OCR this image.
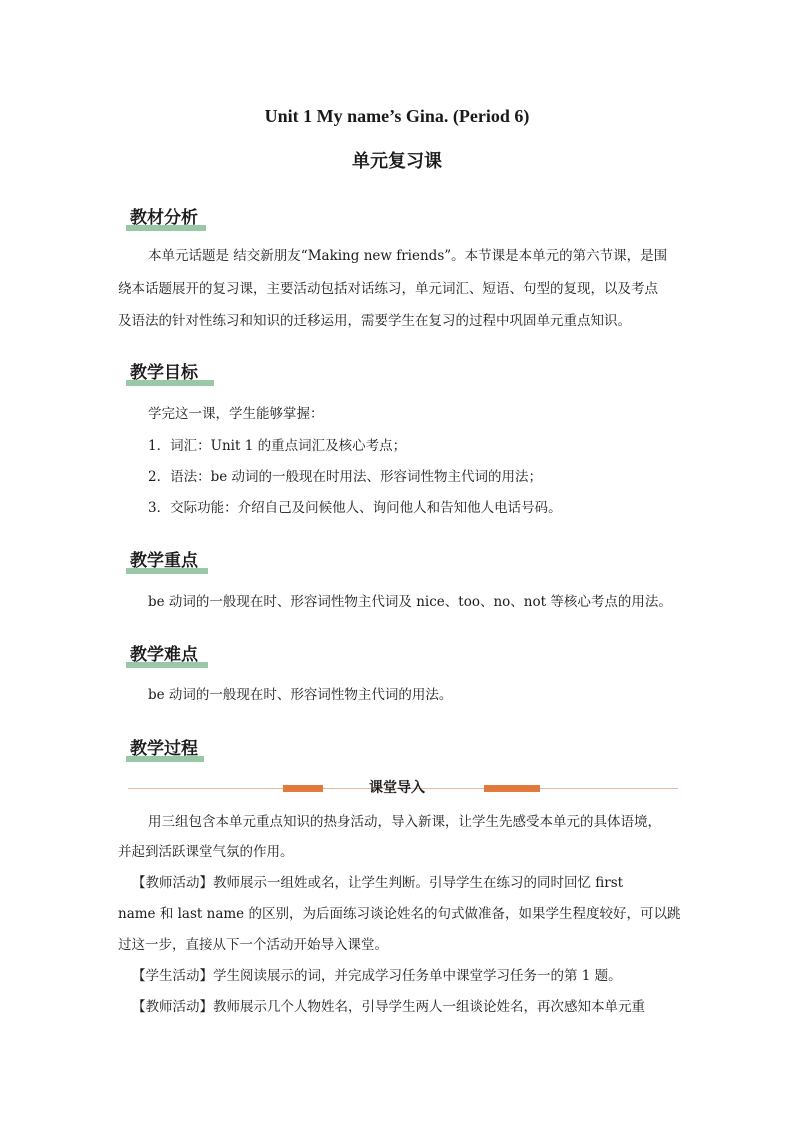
Unit 1 My name’s Gina. (Period 6)
单元复习课
教材分析
本单元话题是 结交新朋友“Making new friends”。本节课是本单元的第六节课，是围
绕本话题展开的复习课，主要活动包括对话练习，单元词汇、短语、句型的复现，以及考点
及语法的针对性练习和知识的迁移运用，需要学生在复习的过程中巩固单元重点知识。
教学目标
学完这一课，学生能够掌握：
1．词汇：Unit 1 的重点词汇及核心考点；
2．语法：be 动词的一般现在时用法、形容词性物主代词的用法；
3．交际功能：介绍自己及问候他人、询问他人和告知他人电话号码。
教学重点
be 动词的一般现在时、形容词性物主代词及 nice、too、no、not 等核心考点的用法。
教学难点
be 动词的一般现在时、形容词性物主代词的用法。
教学过程
课堂导入
用三组包含本单元重点知识的热身活动，导入新课，让学生先感受本单元的具体语境，
并起到活跃课堂气氛的作用。
【教师活动】教师展示一组姓或名，让学生判断。引导学生在练习的同时回忆 first
name 和 last name 的区别，为后面练习谈论姓名的句式做准备，如果学生程度较好，可以跳
过这一步，直接从下一个活动开始导入课堂。
【学生活动】学生阅读展示的词，并完成学习任务单中课堂学习任务一的第 1 题。
【教师活动】教师展示几个人物姓名，引导学生两人一组谈论姓名，再次感知本单元重
